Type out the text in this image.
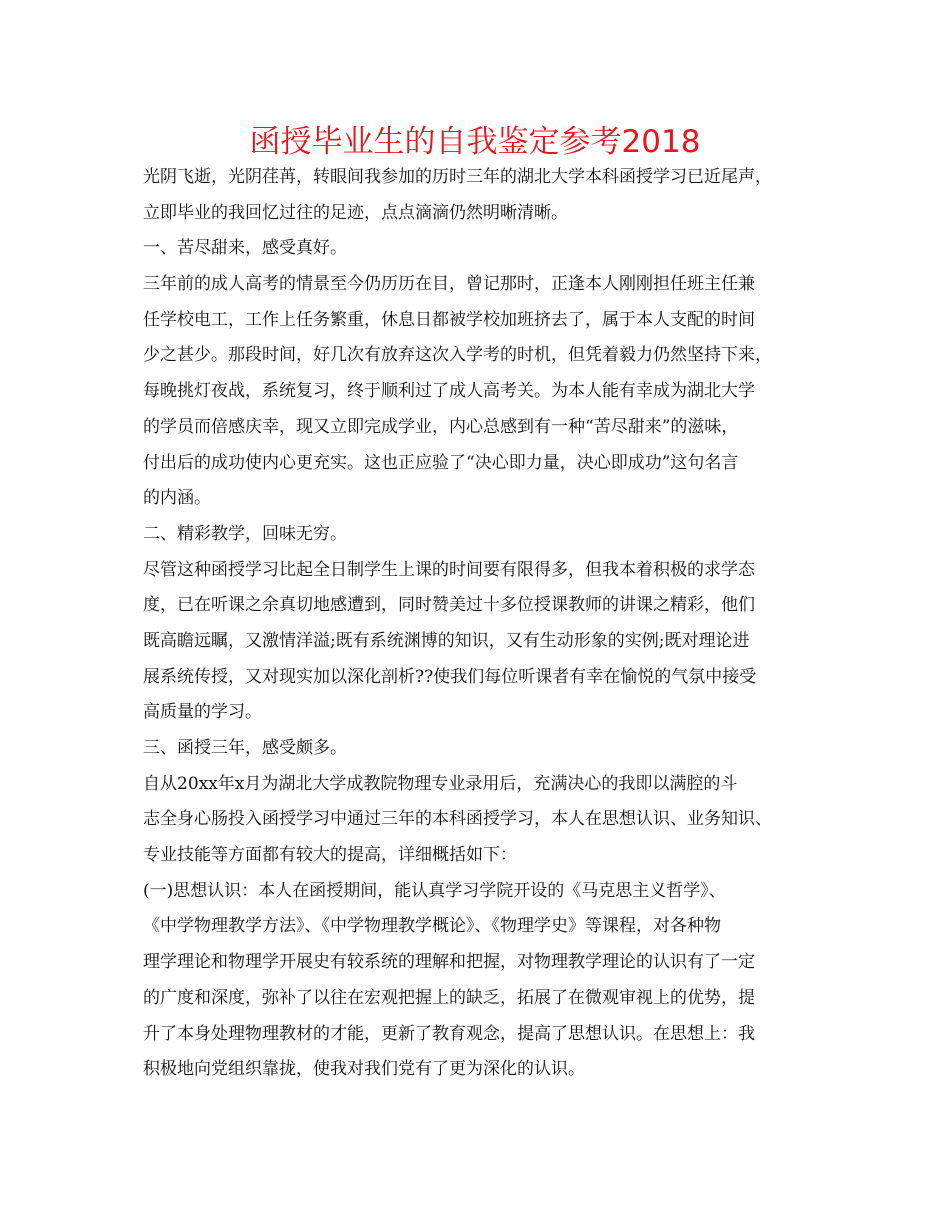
函授毕业生的自我鉴定参考2018

光阴飞逝，光阴荏苒，转眼间我参加的历时三年的湖北大学本科函授学习已近尾声，

立即毕业的我回忆过往的足迹，点点滴滴仍然明晰清晰。

一、苦尽甜来，感受真好。

三年前的成人高考的情景至今仍历历在目，曾记那时，正逢本人刚刚担任班主任兼

任学校电工，工作上任务繁重，休息日都被学校加班挤去了，属于本人支配的时间

少之甚少。那段时间，好几次有放弃这次入学考的时机，但凭着毅力仍然坚持下来，

每晚挑灯夜战，系统复习，终于顺利过了成人高考关。为本人能有幸成为湖北大学

的学员而倍感庆幸，现又立即完成学业，内心总感到有一种“苦尽甜来”的滋味，

付出后的成功使内心更充实。这也正应验了“决心即力量，决心即成功”这句名言

的内涵。

二、精彩教学，回味无穷。

尽管这种函授学习比起全日制学生上课的时间要有限得多，但我本着积极的求学态

度，已在听课之余真切地感遭到，同时赞美过十多位授课教师的讲课之精彩，他们

既高瞻远瞩，又激情洋溢;既有系统渊博的知识，又有生动形象的实例;既对理论进

展系统传授，又对现实加以深化剖析??使我们每位听课者有幸在愉悦的气氛中接受

高质量的学习。

三、函授三年，感受颇多。

自从20xx年x月为湖北大学成教院物理专业录用后，充满决心的我即以满腔的斗

志全身心肠投入函授学习中通过三年的本科函授学习，本人在思想认识、业务知识、

专业技能等方面都有较大的提高，详细概括如下：

(一)思想认识：本人在函授期间，能认真学习学院开设的《马克思主义哲学》、

《中学物理教学方法》、《中学物理教学概论》、《物理学史》等课程，对各种物

理学理论和物理学开展史有较系统的理解和把握，对物理教学理论的认识有了一定

的广度和深度，弥补了以往在宏观把握上的缺乏，拓展了在微观审视上的优势，提

升了本身处理物理教材的才能，更新了教育观念，提高了思想认识。在思想上：我

积极地向党组织靠拢，使我对我们党有了更为深化的认识。
